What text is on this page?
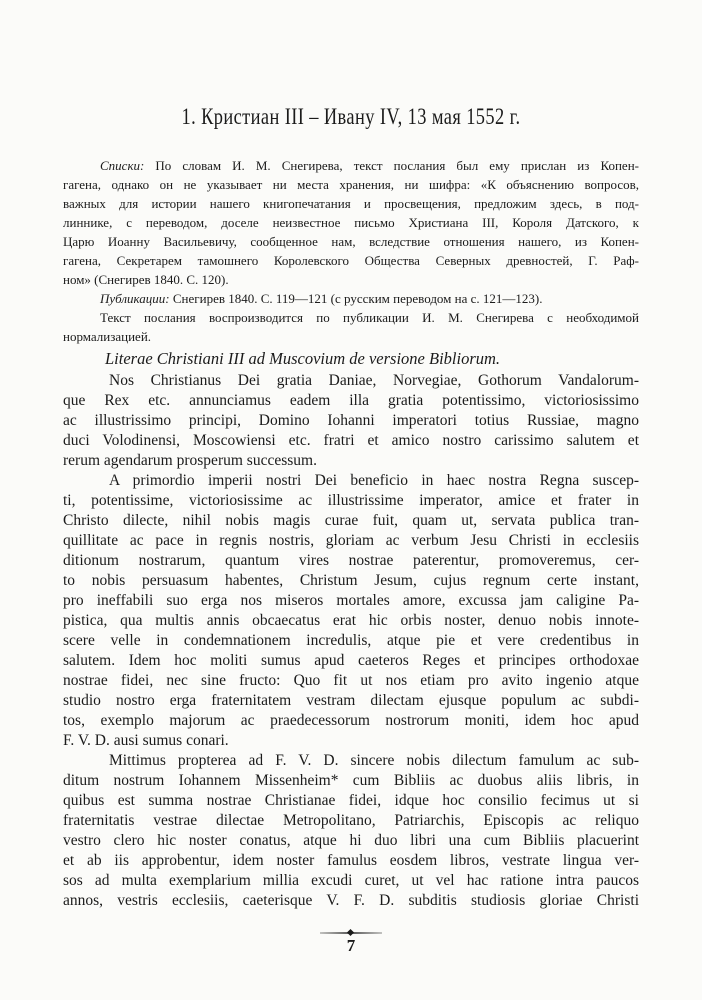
1. Кристиан III – Ивану IV, 13 мая 1552 г.
Списки: По словам И. М. Снегирева, текст послания был ему прислан из Копен-
гагена, однако он не указывает ни места хранения, ни шифра: «К объяснению вопросов,
важных для истории нашего книгопечатания и просвещения, предложим здесь, в под-
линнике, с переводом, доселе неизвестное письмо Христиана III, Короля Датского, к
Царю Иоанну Васильевичу, сообщенное нам, вследствие отношения нашего, из Копен-
гагена, Секретарем тамошнего Королевского Общества Северных древностей, Г. Раф-
ном» (Снегирев 1840. С. 120).
Публикации: Снегирев 1840. С. 119—121 (с русским переводом на с. 121—123).
Текст послания воспроизводится по публикации И. М. Снегирева с необходимой
нормализацией.
Literae Christiani III ad Muscovium de versione Bibliorum.
Nos Christianus Dei gratia Daniae, Norvegiae, Gothorum Vandalorum-
que Rex etc. annunciamus eadem illa gratia potentissimo, victoriosissimo
ac illustrissimo principi, Domino Iohanni imperatori totius Russiae, magno
duci Volodinensi, Moscowiensi etc. fratri et amico nostro carissimo salutem et
rerum agendarum prosperum successum.
A primordio imperii nostri Dei beneficio in haec nostra Regna suscep-
ti, potentissime, victoriosissime ac illustrissime imperator, amice et frater in
Christo dilecte, nihil nobis magis curae fuit, quam ut, servata publica tran-
quillitate ac pace in regnis nostris, gloriam ac verbum Jesu Christi in ecclesiis
ditionum nostrarum, quantum vires nostrae paterentur, promoveremus, cer-
to nobis persuasum habentes, Christum Jesum, cujus regnum certe instant,
pro ineffabili suo erga nos miseros mortales amore, excussa jam caligine Pa-
pistica, qua multis annis obcaecatus erat hic orbis noster, denuo nobis innote-
scere velle in condemnationem incredulis, atque pie et vere credentibus in
salutem. Idem hoc moliti sumus apud caeteros Reges et principes orthodoxae
nostrae fidei, nec sine fructo: Quo fit ut nos etiam pro avito ingenio atque
studio nostro erga fraternitatem vestram dilectam ejusque populum ac subdi-
tos, exemplo majorum ac praedecessorum nostrorum moniti, idem hoc apud
F. V. D. ausi sumus conari.
Mittimus propterea ad F. V. D. sincere nobis dilectum famulum ac sub-
ditum nostrum Iohannem Missenheim* cum Bibliis ac duobus aliis libris, in
quibus est summa nostrae Christianae fidei, idque hoc consilio fecimus ut si
fraternitatis vestrae dilectae Metropolitano, Patriarchis, Episcopis ac reliquo
vestro clero hic noster conatus, atque hi duo libri una cum Bibliis placuerint
et ab iis approbentur, idem noster famulus eosdem libros, vestrate lingua ver-
sos ad multa exemplarium millia excudi curet, ut vel hac ratione intra paucos
annos, vestris ecclesiis, caeterisque V. F. D. subditis studiosis gloriae Christi
7
